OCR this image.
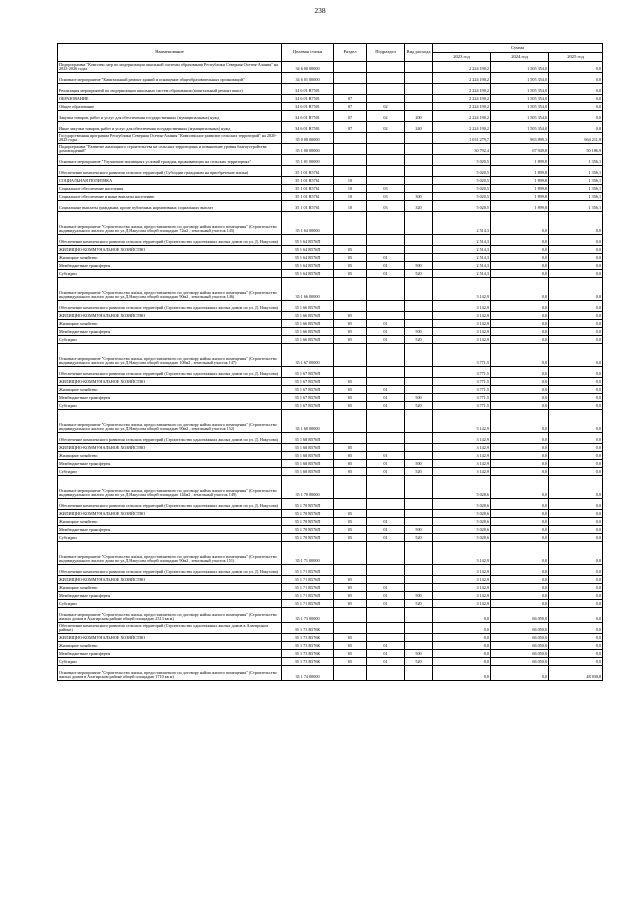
238
Наименование	Целевая статья	Раздел	Подраздел	Вид расхода	Сумма		
					2023 год	2024 год	2025 год
Подпрограмма "Комплекс мер по модернизации школьной системы образования Республики Северная Осетия-Алания" на 2023-2026 годы	34 6 00 00000				2 224 190,2	1 505 354,0	0,0
Основное мероприятие "Капитальный ремонт зданий и оснащение общеобразовательных организаций"	34 6 01 00000				2 224 190,2	1 505 354,0	0,0
Реализация мероприятий по модернизации школьных систем образования (капитальный ремонт школ)	34 6 01 R7501				2 224 190,2	1 505 354,0	0,0
ОБРАЗОВАНИЕ	34 6 01 R7501	07			2 224 190,2	1 505 354,0	0,0
Общее образование	34 6 01 R7501	07	02		2 224 190,2	1 505 354,0	0,0
Закупка товаров, работ и услуг для обеспечения государственных (муниципальных) нужд	34 6 01 R7501	07	02	200	2 224 190,2	1 505 354,0	0,0
Иные закупки товаров, работ и услуг для обеспечения государственных (муниципальных) нужд	34 6 01 R7501	07	02	240	2 224 190,2	1 505 354,0	0,0
Государственная программа Республики Северная Осетия-Алания "Комплексное развитие сельских территорий" на 2020-2025 годы	35 0 00 00000				1 031 279,7	963 899,3	664 211,9
Подпрограмма "Развитие жилищного строительства на сельских территориях и повышение уровня благоустройства домовладений"	35 1 00 00000				30 792,4	67 949,8	50 186,9
Основное мероприятие "Улучшение жилищных условий граждан, проживающих на сельских территориях"	35 1 01 00000				5 020,5	1 899,8	1 356,1
Обеспечение комплексного развития сельских территорий (Субсидии гражданам на приобретение жилья)	35 1 01 R5761				5 020,5	1 899,8	1 356,1
СОЦИАЛЬНАЯ ПОЛИТИКА	35 1 01 R5761	10			5 020,5	1 899,8	1 356,1
Социальное обеспечение населения	35 1 01 R5761	10	03		5 020,5	1 899,8	1 356,1
Социальное обеспечение и иные выплаты населению	35 1 01 R5761	10	03	300	5 020,5	1 899,8	1 356,1
Социальные выплаты гражданам, кроме публичных нормативных социальных выплат	35 1 01 R5761	10	03	320	5 020,5	1 899,8	1 356,1
Основное мероприятие "Строительство жилья, предоставляемого по договору найма жилого помещения" (Строительство индивидуального жилого дома по ул.Д.Накусова общей площадью 72м2 , земельный участок 145)	35 1 64 00000				2 514,3	0,0	0,0
Обеспечение комплексного развития сельских территорий (Строительство одноэтажных жилых домов по ул. Д. Накусова)	35 1 64 R576П				2 514,3	0,0	0,0
ЖИЛИЩНО-КОММУНАЛЬНОЕ ХОЗЯЙСТВО	35 1 64 R576П	05			2 514,3	0,0	0,0
Жилищное хозяйство	35 1 64 R576П	05	01		2 514,3	0,0	0,0
Межбюджетные трансферты	35 1 64 R576П	05	01	500	2 514,3	0,0	0,0
Субсидии	35 1 64 R576П	05	01	520	2 514,3	0,0	0,0
Основное мероприятие "Строительство жилья, предоставляемого по договору найма жилого помещения" (Строительство индивидуального жилого дома по ул.Д.Накусова общей площадью 90м2 , земельный участок 146)	35 1 66 00000				3 142,9	0,0	0,0
Обеспечение комплексного развития сельских территорий (Строительство одноэтажных жилых домов по ул. Д. Накусова)	35 1 66 R576П				3 142,9	0,0	0,0
ЖИЛИЩНО-КОММУНАЛЬНОЕ ХОЗЯЙСТВО	35 1 66 R576П	05			3 142,9	0,0	0,0
Жилищное хозяйство	35 1 66 R576П	05	01		3 142,9	0,0	0,0
Межбюджетные трансферты	35 1 66 R576П	05	01	500	3 142,9	0,0	0,0
Субсидии	35 1 66 R576П	05	01	520	3 142,9	0,0	0,0
Основное мероприятие "Строительство жилья, предоставляемого по договору найма жилого помещения" (Строительство индивидуального жилого дома по ул.Д.Накусова общей площадью 108м2 , земельный участок 147)	35 1 67 00000				3 771,5	0,0	0,0
Обеспечение комплексного развития сельских территорий (Строительство одноэтажных жилых домов по ул. Д. Накусова)	35 1 67 R576П				3 771,5	0,0	0,0
ЖИЛИЩНО-КОММУНАЛЬНОЕ ХОЗЯЙСТВО	35 1 67 R576П	05			3 771,5	0,0	0,0
Жилищное хозяйство	35 1 67 R576П	05	01		3 771,5	0,0	0,0
Межбюджетные трансферты	35 1 67 R576П	05	01	500	3 771,5	0,0	0,0
Субсидии	35 1 67 R576П	05	01	520	3 771,5	0,0	0,0
Основное мероприятие "Строительство жилья, предоставляемого по договору найма жилого помещения" (Строительство индивидуального жилого дома по ул.Д.Накусова общей площадью 90м2 , земельный участок 152)	35 1 68 00000				3 142,9	0,0	0,0
Обеспечение комплексного развития сельских территорий (Строительство одноэтажных жилых домов по ул. Д. Накусова)	35 1 68 R576П				3 142,9	0,0	0,0
ЖИЛИЩНО-КОММУНАЛЬНОЕ ХОЗЯЙСТВО	35 1 68 R576П	05			3 142,9	0,0	0,0
Жилищное хозяйство	35 1 68 R576П	05	01		3 142,9	0,0	0,0
Межбюджетные трансферты	35 1 68 R576П	05	01	500	3 142,9	0,0	0,0
Субсидии	35 1 68 R576П	05	01	520	3 142,9	0,0	0,0
Основное мероприятие "Строительство жилья, предоставляемого по договору найма жилого помещения" (Строительство индивидуального жилого дома по ул.Д.Накусова общей площадью 144м2 , земельный участок 149)	35 1 70 00000				5 028,6	0,0	0,0
Обеспечение комплексного развития сельских территорий (Строительство одноэтажных жилых домов по ул. Д. Накусова)	35 1 70 R576П				5 028,6	0,0	0,0
ЖИЛИЩНО-КОММУНАЛЬНОЕ ХОЗЯЙСТВО	35 1 70 R576П	05			5 028,6	0,0	0,0
Жилищное хозяйство	35 1 70 R576П	05	01		5 028,6	0,0	0,0
Межбюджетные трансферты	35 1 70 R576П	05	01	500	5 028,6	0,0	0,0
Субсидии	35 1 70 R576П	05	01	520	5 028,6	0,0	0,0
Основное мероприятие "Строительство жилья, предоставляемого по договору найма жилого помещения" (Строительство индивидуального жилого дома по ул.Д.Накусова общей площадью 90м2 , земельный участок 151)	35 1 71 00000				3 142,9	0,0	0,0
Обеспечение комплексного развития сельских территорий (Строительство одноэтажных жилых домов по ул. Д. Накусова)	35 1 71 R576П				3 142,9	0,0	0,0
ЖИЛИЩНО-КОММУНАЛЬНОЕ ХОЗЯЙСТВО	35 1 71 R576П	05			3 142,9	0,0	0,0
Жилищное хозяйство	35 1 71 R576П	05	01		3 142,9	0,0	0,0
Межбюджетные трансферты	35 1 71 R576П	05	01	500	3 142,9	0,0	0,0
Субсидии	35 1 71 R576П	05	01	520	3 142,9	0,0	0,0
Основное мероприятие "Строительство жилья, предоставляемого по договору найма жилого помещения" (Строительство жилых домов в Алагирском районе общей площадью 2313 кв.м)	35 1 73 00000				0,0	66 050,0	0,0
Обеспечение комплексного развития сельских территорий (Строительство одноэтажных жилых домов в Алагирском районе)	35 1 73 R576К				0,0	66 050,0	0,0
ЖИЛИЩНО-КОММУНАЛЬНОЕ ХОЗЯЙСТВО	35 1 73 R576К	05			0,0	66 050,0	0,0
Жилищное хозяйство	35 1 73 R576К	05	01		0,0	66 050,0	0,0
Межбюджетные трансферты	35 1 73 R576К	05	01	500	0,0	66 050,0	0,0
Субсидии	35 1 73 R576К	05	01	520	0,0	66 050,0	0,0
Основное мероприятие "Строительство жилья, предоставляемого по договору найма жилого помещения" (Строительство жилых домов в Алагирском районе общей площадью 1710 кв.м)	35 1 74 00000				0,0	0,0	48 830,8
